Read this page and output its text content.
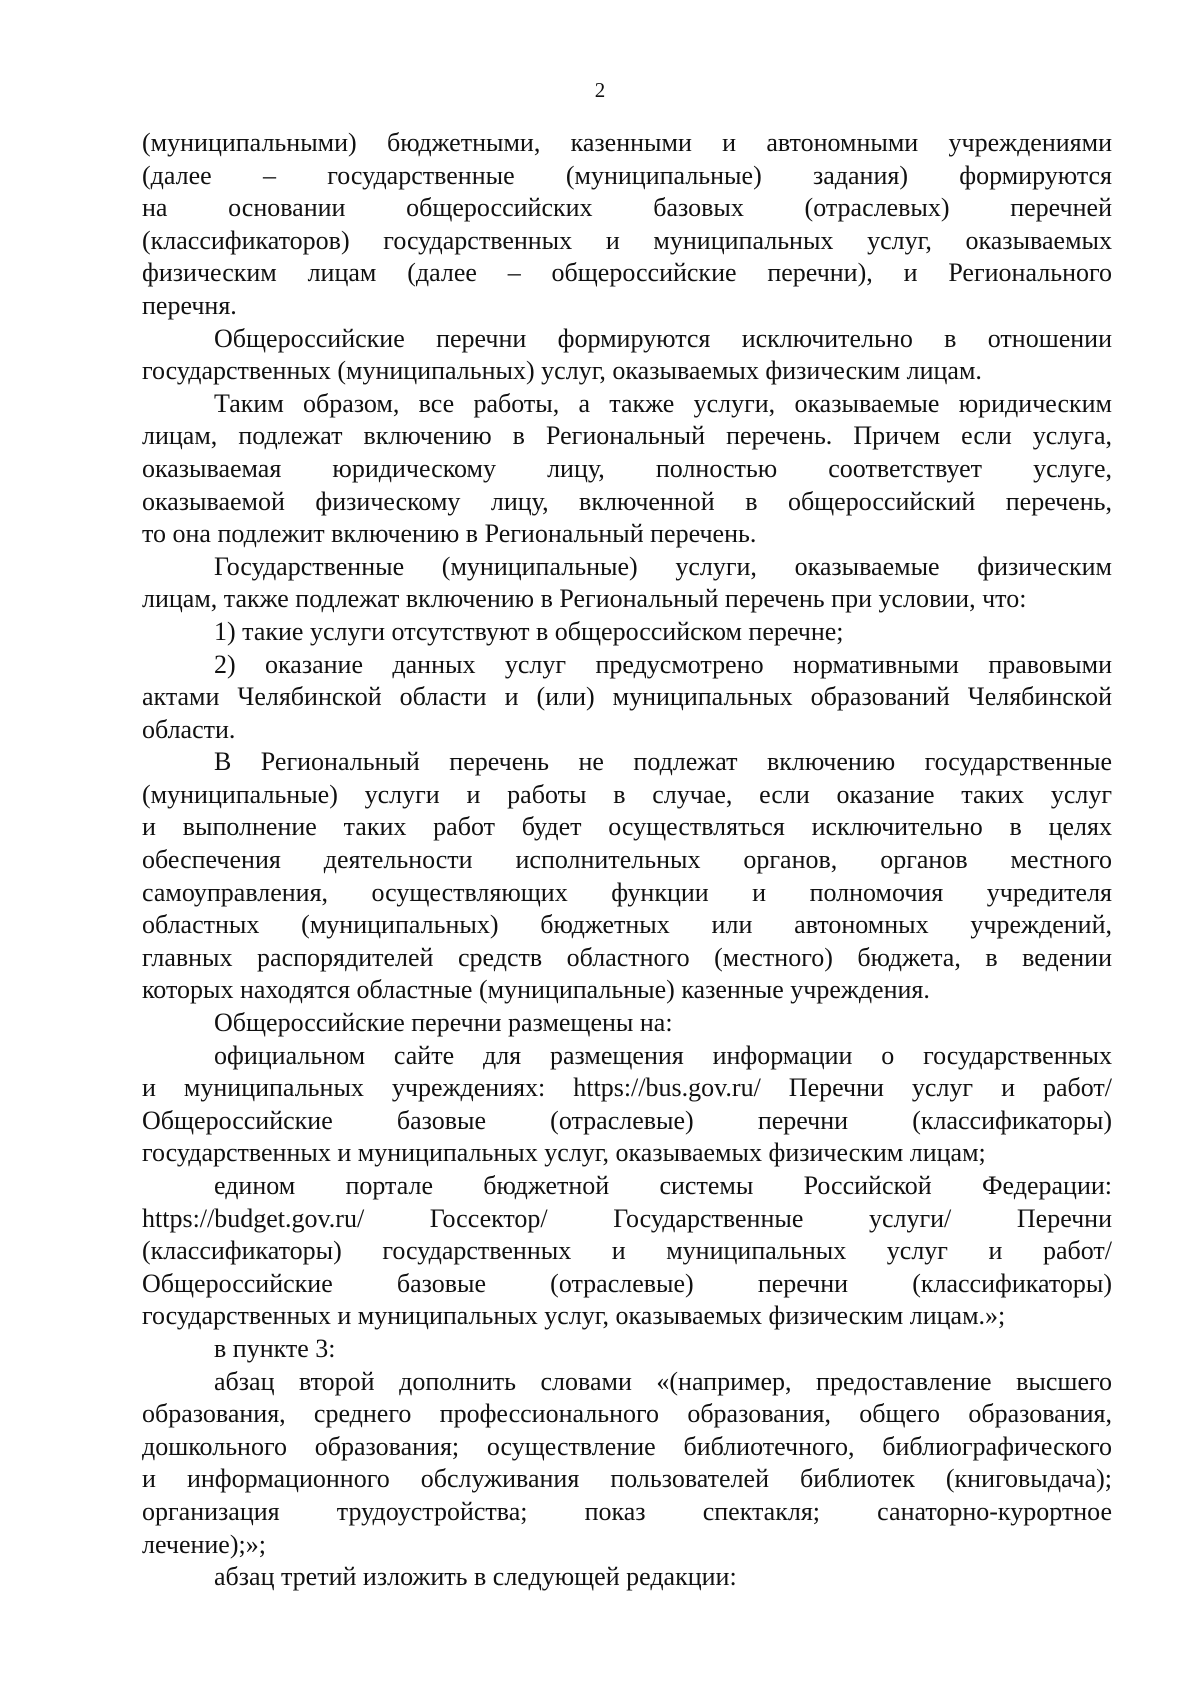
2
(муниципальными) бюджетными, казенными и автономными учреждениями
(далее – государственные (муниципальные) задания) формируются
на основании общероссийских базовых (отраслевых) перечней
(классификаторов) государственных и муниципальных услуг, оказываемых
физическим лицам (далее – общероссийские перечни), и Регионального
перечня.
Общероссийские перечни формируются исключительно в отношении
государственных (муниципальных) услуг, оказываемых физическим лицам.
Таким образом, все работы, а также услуги, оказываемые юридическим
лицам, подлежат включению в Региональный перечень. Причем если услуга,
оказываемая юридическому лицу, полностью соответствует услуге,
оказываемой физическому лицу, включенной в общероссийский перечень,
то она подлежит включению в Региональный перечень.
Государственные (муниципальные) услуги, оказываемые физическим
лицам, также подлежат включению в Региональный перечень при условии, что:
1) такие услуги отсутствуют в общероссийском перечне;
2) оказание данных услуг предусмотрено нормативными правовыми
актами Челябинской области и (или) муниципальных образований Челябинской
области.
В Региональный перечень не подлежат включению государственные
(муниципальные) услуги и работы в случае, если оказание таких услуг
и выполнение таких работ будет осуществляться исключительно в целях
обеспечения деятельности исполнительных органов, органов местного
самоуправления, осуществляющих функции и полномочия учредителя
областных (муниципальных) бюджетных или автономных учреждений,
главных распорядителей средств областного (местного) бюджета, в ведении
которых находятся областные (муниципальные) казенные учреждения.
Общероссийские перечни размещены на:
официальном сайте для размещения информации о государственных
и муниципальных учреждениях: https://bus.gov.ru/ Перечни услуг и работ/
Общероссийские базовые (отраслевые) перечни (классификаторы)
государственных и муниципальных услуг, оказываемых физическим лицам;
едином портале бюджетной системы Российской Федерации:
https://budget.gov.ru/ Госсектор/ Государственные услуги/ Перечни
(классификаторы) государственных и муниципальных услуг и работ/
Общероссийские базовые (отраслевые) перечни (классификаторы)
государственных и муниципальных услуг, оказываемых физическим лицам.»;
в пункте 3:
абзац второй дополнить словами «(например, предоставление высшего
образования, среднего профессионального образования, общего образования,
дошкольного образования; осуществление библиотечного, библиографического
и информационного обслуживания пользователей библиотек (книговыдача);
организация трудоустройства; показ спектакля; санаторно-курортное
лечение);»;
абзац третий изложить в следующей редакции:
